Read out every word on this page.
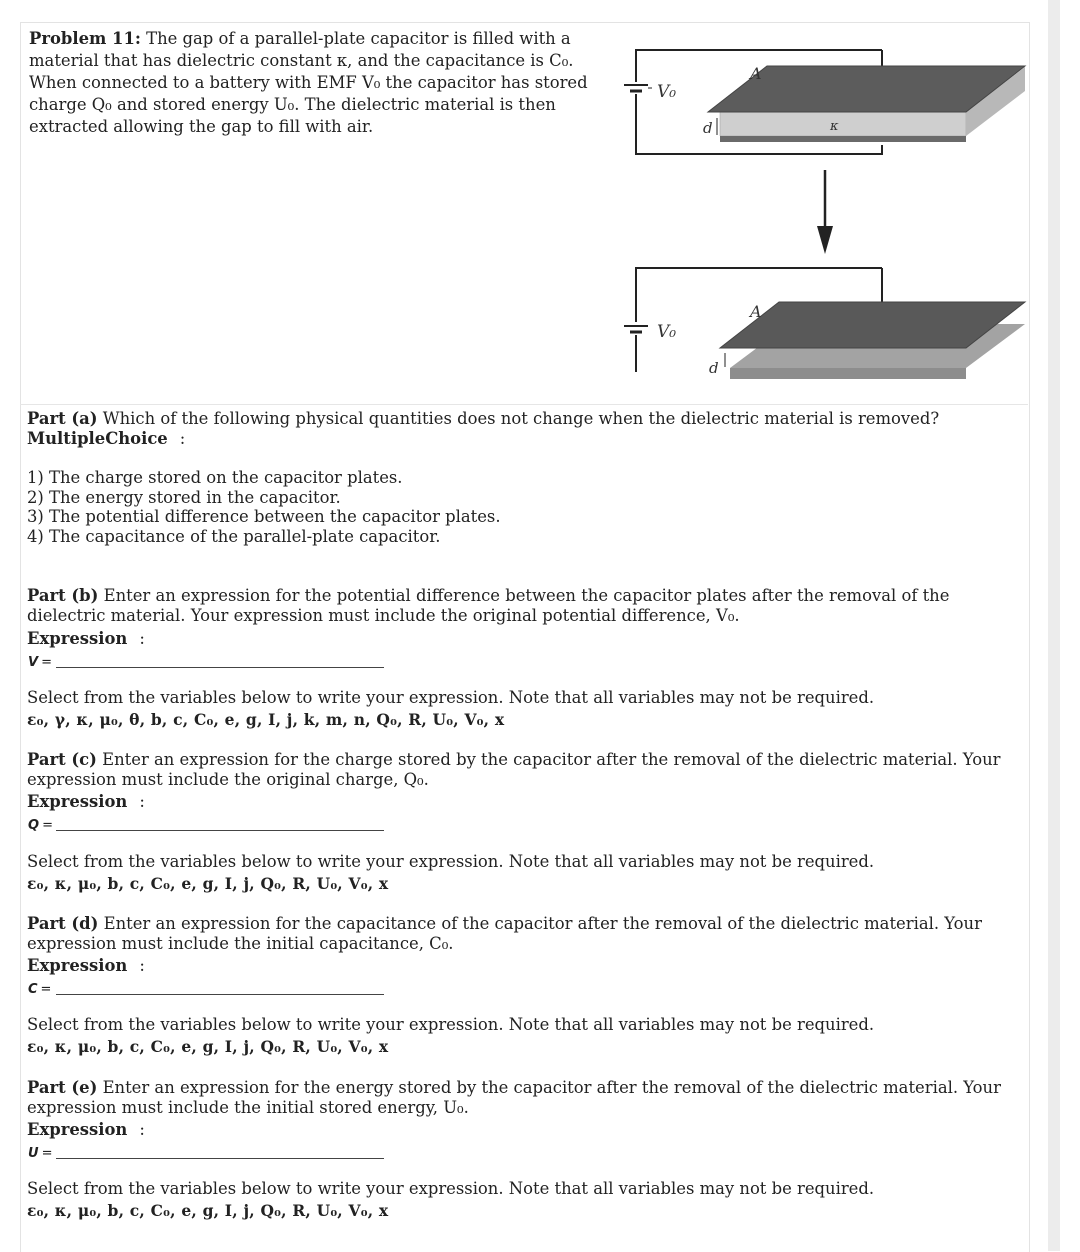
Problem 11: The gap of a parallel-plate capacitor is filled with a material that has dielectric constant κ, and the capacitance is C₀. When connected to a battery with EMF V₀ the capacitor has stored charge Q₀ and stored energy U₀. The dielectric material is then extracted allowing the gap to fill with air.
V₀
A
d	κ
V₀
A
d
Part (a) Which of the following physical quantities does not change when the dielectric material is removed?
MultipleChoice :
1) The charge stored on the capacitor plates.
2) The energy stored in the capacitor.
3) The potential difference between the capacitor plates.
4) The capacitance of the parallel-plate capacitor.
Part (b) Enter an expression for the potential difference between the capacitor plates after the removal of the dielectric material. Your expression must include the original potential difference, V₀.
Expression :
V =
Select from the variables below to write your expression. Note that all variables may not be required.
ε₀, γ, κ, μ₀, θ, b, c, C₀, e, g, I, j, k, m, n, Q₀, R, U₀, V₀, x
Part (c) Enter an expression for the charge stored by the capacitor after the removal of the dielectric material. Your expression must include the original charge, Q₀.
Expression :
Q =
Select from the variables below to write your expression. Note that all variables may not be required.
ε₀, κ, μ₀, b, c, C₀, e, g, I, j, Q₀, R, U₀, V₀, x
Part (d) Enter an expression for the capacitance of the capacitor after the removal of the dielectric material. Your expression must include the initial capacitance, C₀.
Expression :
C =
Select from the variables below to write your expression. Note that all variables may not be required.
ε₀, κ, μ₀, b, c, C₀, e, g, I, j, Q₀, R, U₀, V₀, x
Part (e) Enter an expression for the energy stored by the capacitor after the removal of the dielectric material. Your expression must include the initial stored energy, U₀.
Expression :
U =
Select from the variables below to write your expression. Note that all variables may not be required.
ε₀, κ, μ₀, b, c, C₀, e, g, I, j, Q₀, R, U₀, V₀, x
